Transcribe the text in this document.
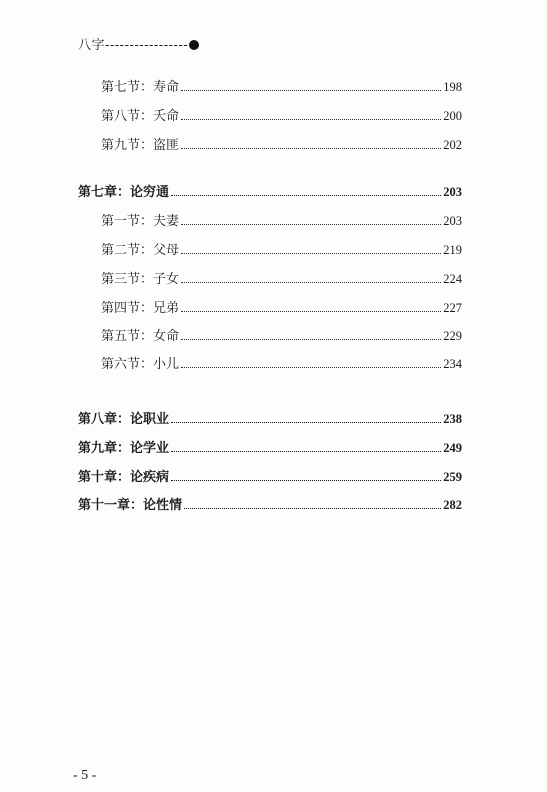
八字-----------------
第七节：寿命	198
第八节：夭命	200
第九节：盗匪	202
第七章：论穷通	203
第一节：夫妻	203
第二节：父母	219
第三节：子女	224
第四节：兄弟	227
第五节：女命	229
第六节：小儿	234
第八章：论职业	238
第九章：论学业	249
第十章：论疾病	259
第十一章：论性情	282
- 5 -
